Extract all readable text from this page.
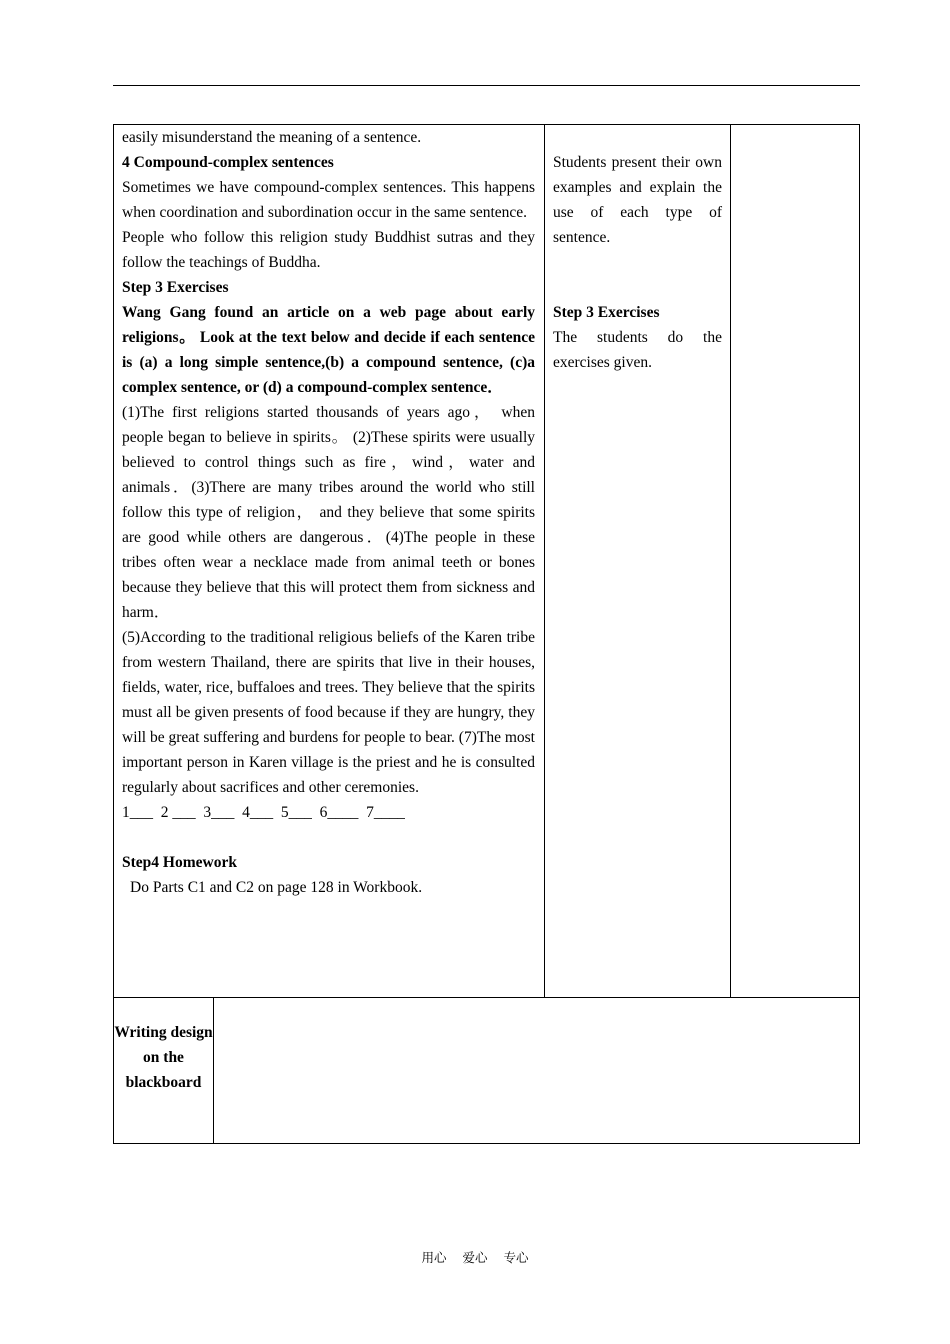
easily misunderstand the meaning of a sentence.

4 Compound-complex sentences

Sometimes we have compound-complex sentences. This happens when coordination and subordination occur in the same sentence.

People who follow this religion study Buddhist sutras and they follow the teachings of Buddha.

Step 3 Exercises

Wang Gang found an article on a web page about early religions。 Look at the text below and decide if each sentence is (a) a long simple sentence,(b) a compound sentence, (c)a complex sentence, or (d) a compound-complex sentence．

(1)The first religions started thousands of years ago， when people began to believe in spirits。 (2)These spirits were usually believed to control things such as fire，wind，water and animals．(3)There are many tribes around the world who still follow this type of religion， and they believe that some spirits are good while others are dangerous．(4)The people in these tribes often wear a necklace made from animal teeth or bones because they believe that this will protect them from sickness and harm．

(5)According to the traditional religious beliefs of the Karen tribe from western Thailand, there are spirits that live in their houses, fields, water, rice, buffaloes and trees. They believe that the spirits must all be given presents of food because if they are hungry, they will be great suffering and burdens for people to bear. (7)The most important person in Karen village is the priest and he is consulted regularly about sacrifices and other ceremonies.

1___  2 ___  3___  4___  5___  6____  7____

Step4 Homework

Do Parts C1 and C2 on page 128 in Workbook.

Students present their own examples and explain the use of each type of sentence.

Step 3 Exercises

The students do the exercises given.

Writing design on the blackboard
用心 爱心 专心
